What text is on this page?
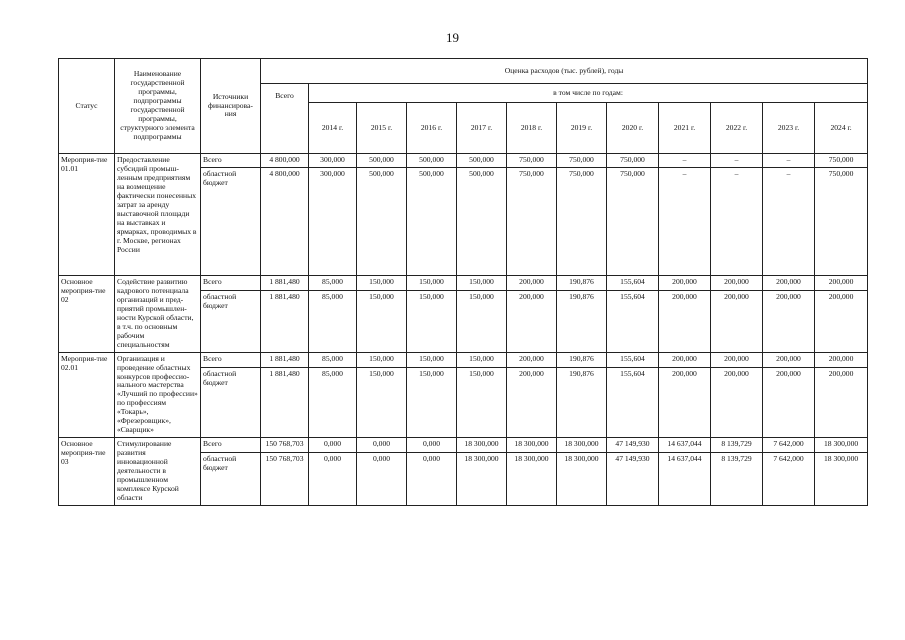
19
Статус	Наименование государственной программы, подпрограммы государственной программы, структурного элемента подпрограммы	Источники финансирова-ния	Оценка расходов (тыс. рублей), годы											
			Всего	в том числе по годам:										
				2014 г.	2015 г.	2016 г.	2017 г.	2018 г.	2019 г.	2020 г.	2021 г.	2022 г.	2023 г.	2024 г.
Мероприя-тие 01.01	Предоставление субсидий промыш-ленным предприятиям на возмещение фактически понесенных затрат за аренду выставочной площади на выставках и ярмарках, проводимых в г. Москве, регионах России	Всего	4 800,000	300,000	500,000	500,000	500,000	750,000	750,000	750,000	–	–	–	750,000
		областной бюджет	4 800,000	300,000	500,000	500,000	500,000	750,000	750,000	750,000	–	–	–	750,000
Основное мероприя-тие 02	Содействие развитию кадрового потенциала организаций и пред-приятий промышлен-ности Курской области, в т.ч. по основным рабочим специальностям	Всего	1 881,480	85,000	150,000	150,000	150,000	200,000	190,876	155,604	200,000	200,000	200,000	200,000
		областной бюджет	1 881,480	85,000	150,000	150,000	150,000	200,000	190,876	155,604	200,000	200,000	200,000	200,000
Мероприя-тие 02.01	Организация и проведение областных конкурсов профессио-нального мастерства «Лучший по профессии» по профессиям «Токарь», «Фрезеровщик», «Сварщик»	Всего	1 881,480	85,000	150,000	150,000	150,000	200,000	190,876	155,604	200,000	200,000	200,000	200,000
		областной бюджет	1 881,480	85,000	150,000	150,000	150,000	200,000	190,876	155,604	200,000	200,000	200,000	200,000
Основное мероприя-тие 03	Стимулирование развития инновационной деятельности в промышленном комплексе Курской области	Всего	150 768,703	0,000	0,000	0,000	18 300,000	18 300,000	18 300,000	47 149,930	14 637,044	8 139,729	7 642,000	18 300,000
		областной бюджет	150 768,703	0,000	0,000	0,000	18 300,000	18 300,000	18 300,000	47 149,930	14 637,044	8 139,729	7 642,000	18 300,000
